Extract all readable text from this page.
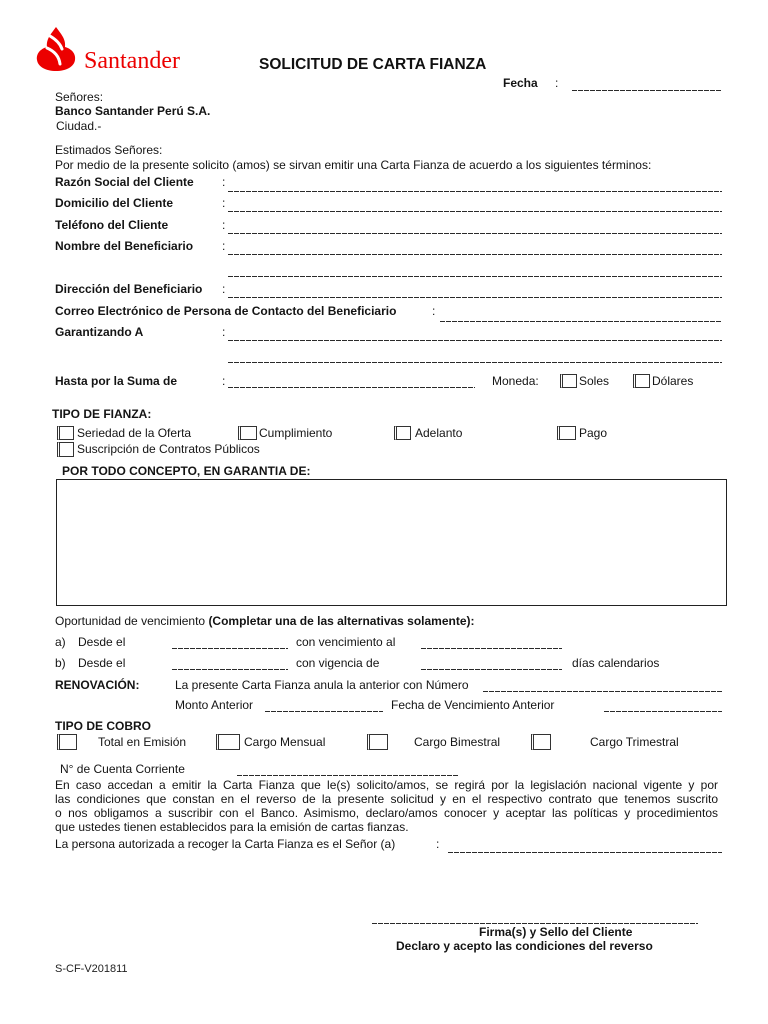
Santander	SOLICITUD DE CARTA FIANZA
Fecha :
Señores:
Banco Santander Perú S.A.
Ciudad.-
Estimados Señores:
Por medio de la presente solicito (amos) se sirvan emitir una Carta Fianza de acuerdo a los siguientes términos:
Razón Social del Cliente :
Domicilio del Cliente	:
Teléfono del Cliente	:
Nombre del Beneficiario :
Dirección del Beneficiario :
Correo Electrónico de Persona de Contacto del Beneficiario	:
Garantizando A	:
Hasta por la Suma de	:	Moneda:	Soles	Dólares
TIPO DE FIANZA:
Seriedad de la Oferta	Cumplimiento	Adelanto	Pago
Suscripción de Contratos Públicos
POR TODO CONCEPTO, EN GARANTIA DE:
Oportunidad de vencimiento (Completar una de las alternativas solamente):
a) Desde el	con vencimiento al
b) Desde el	con vigencia de	días calendarios
RENOVACIÓN:	La presente Carta Fianza anula la anterior con Número
Monto Anterior	Fecha de Vencimiento Anterior
TIPO DE COBRO
Total en Emisión	Cargo Mensual	Cargo Bimestral	Cargo Trimestral
N° de Cuenta Corriente
En caso accedan a emitir la Carta Fianza que le(s) solicito/amos, se regirá por la legislación nacional vigente y por
las condiciones que constan en el reverso de la presente solicitud y en el respectivo contrato que tenemos suscrito
o nos obligamos a suscribir con el Banco. Asimismo, declaro/amos conocer y aceptar las políticas y procedimientos
que ustedes tienen establecidos para la emisión de cartas fianzas.
La persona autorizada a recoger la Carta Fianza es el Señor (a)	:
Firma(s) y Sello del Cliente
Declaro y acepto las condiciones del reverso
S-CF-V201811
